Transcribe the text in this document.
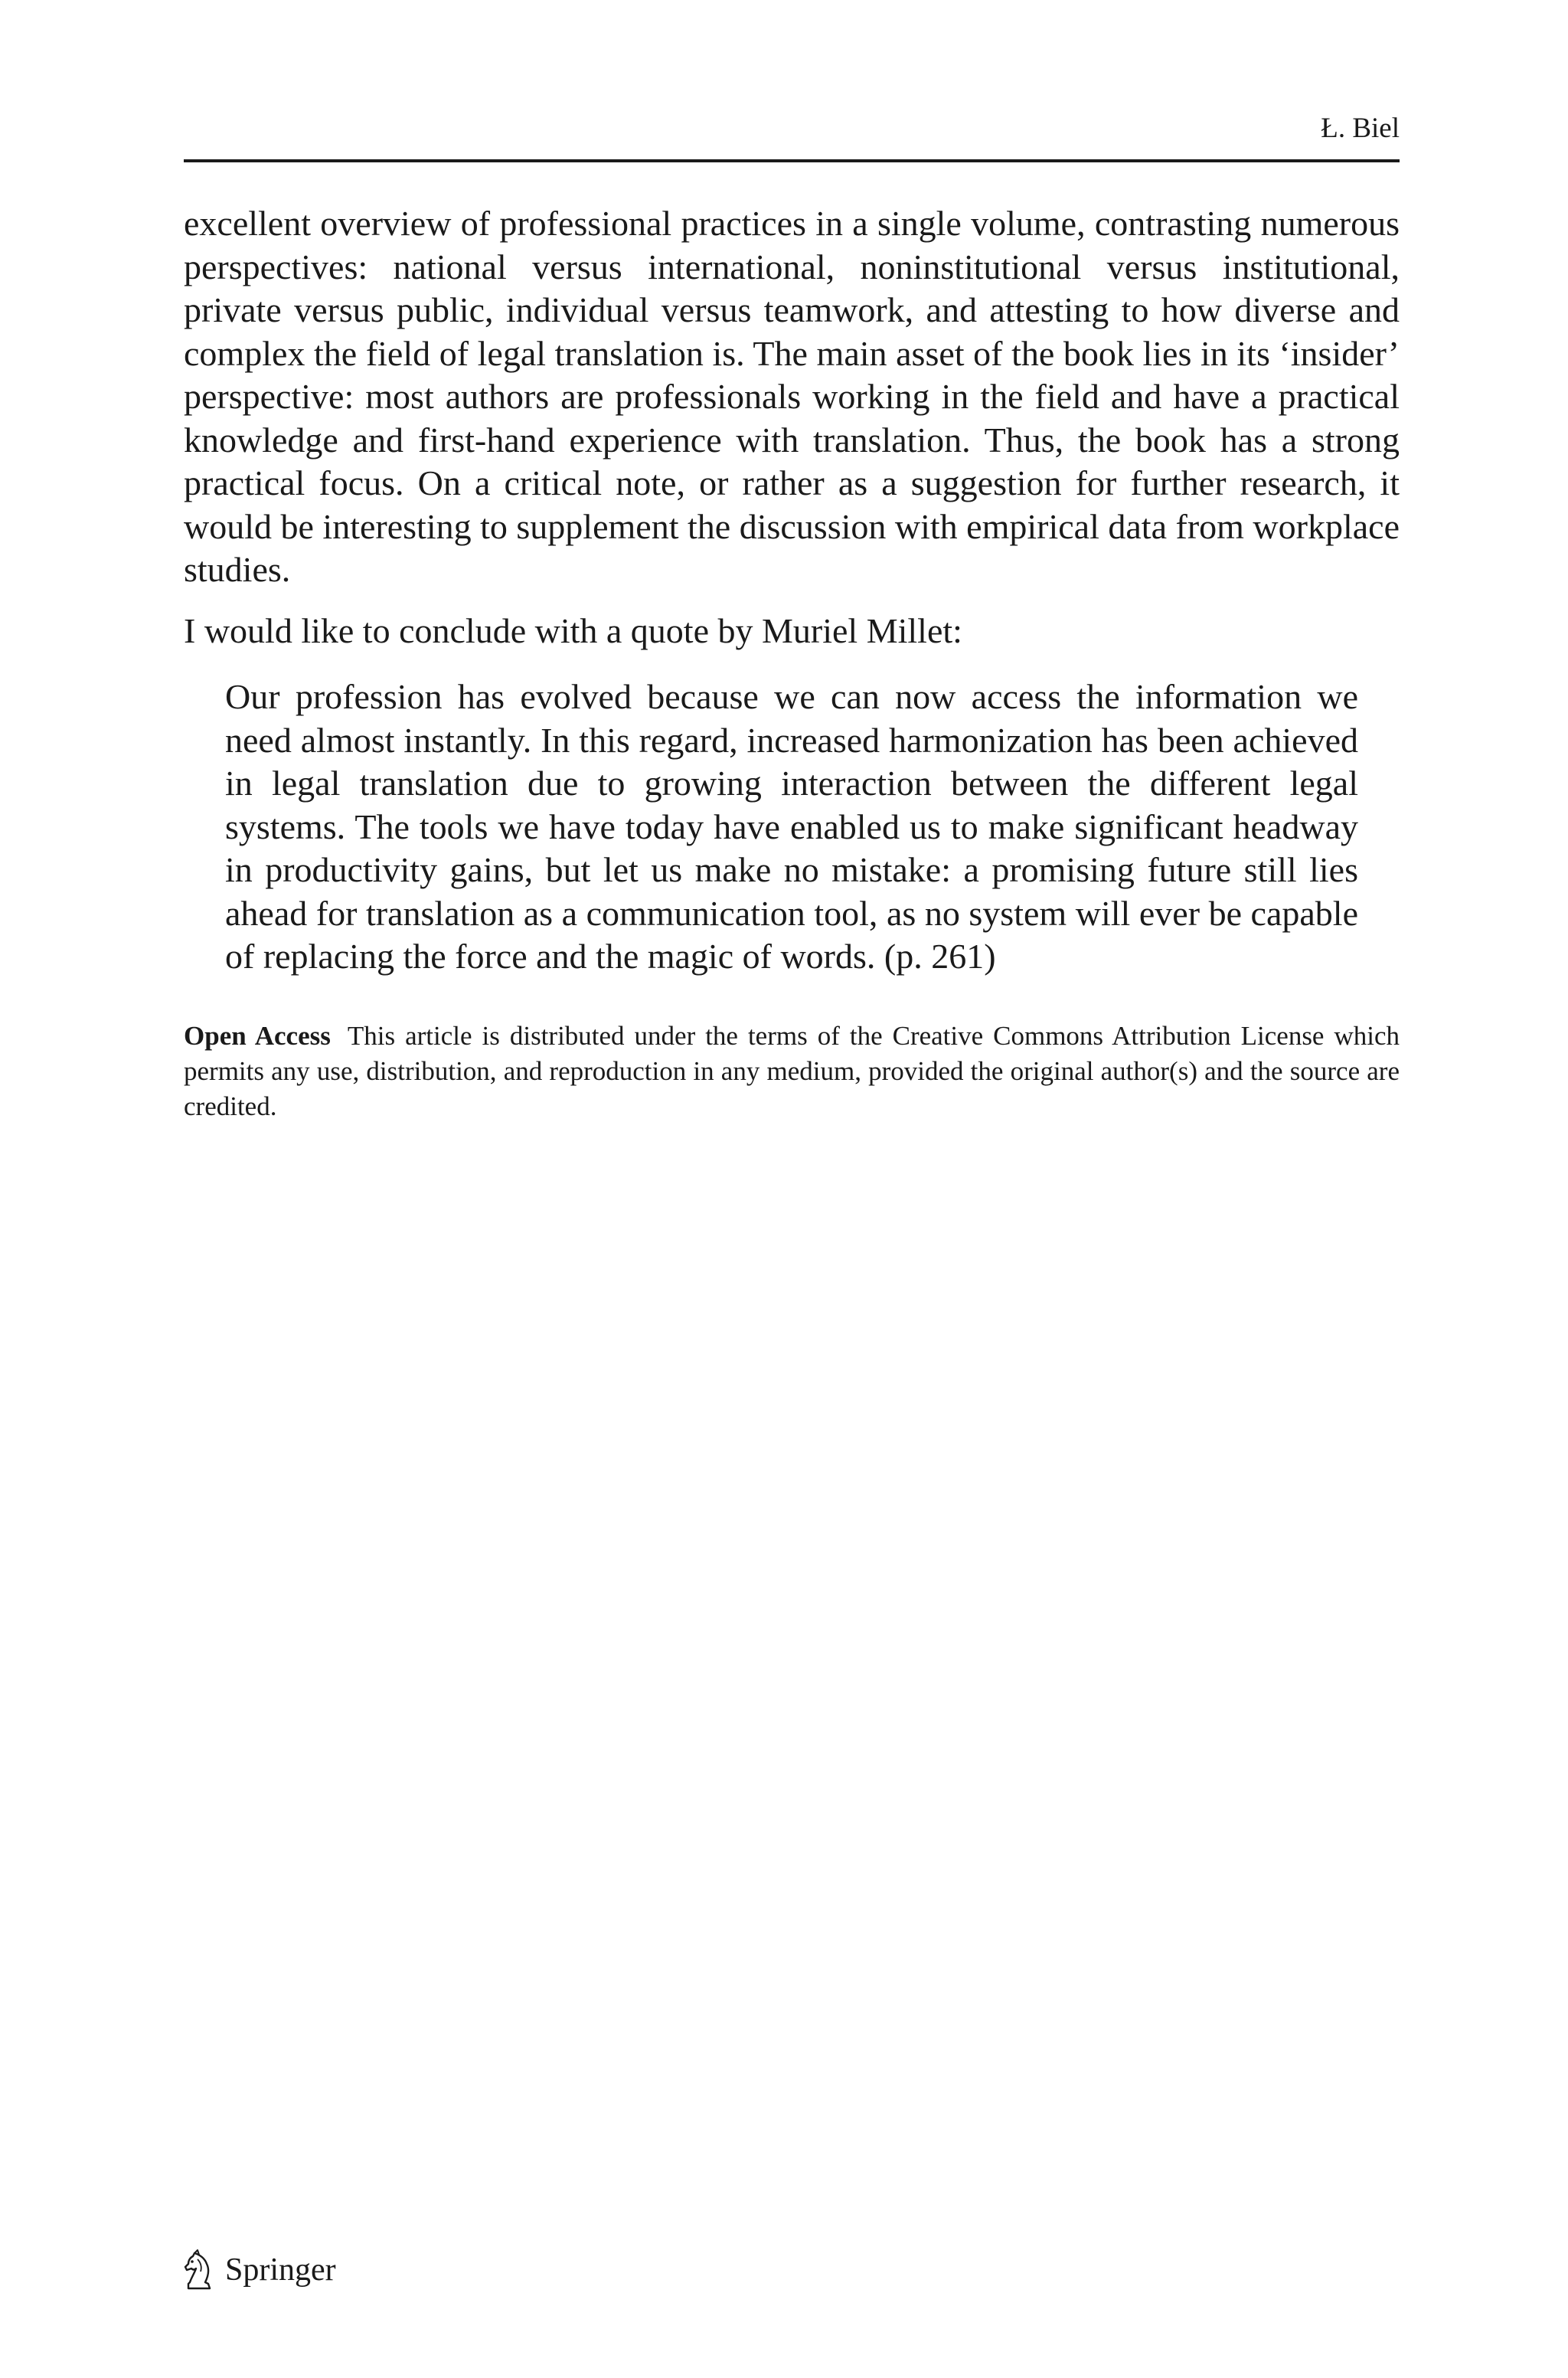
Ł. Biel

excellent overview of professional practices in a single volume, contrasting numerous perspectives: national versus international, noninstitutional versus institutional, private versus public, individual versus teamwork, and attesting to how diverse and complex the field of legal translation is. The main asset of the book lies in its ‘insider’ perspective: most authors are professionals working in the field and have a practical knowledge and first-hand experience with translation. Thus, the book has a strong practical focus. On a critical note, or rather as a suggestion for further research, it would be interesting to supplement the discussion with empirical data from workplace studies.

I would like to conclude with a quote by Muriel Millet:

Our profession has evolved because we can now access the information we need almost instantly. In this regard, increased harmonization has been achieved in legal translation due to growing interaction between the different legal systems. The tools we have today have enabled us to make significant headway in productivity gains, but let us make no mistake: a promising future still lies ahead for translation as a communication tool, as no system will ever be capable of replacing the force and the magic of words. (p. 261)

Open Access This article is distributed under the terms of the Creative Commons Attribution License which permits any use, distribution, and reproduction in any medium, provided the original author(s) and the source are credited.

Springer
